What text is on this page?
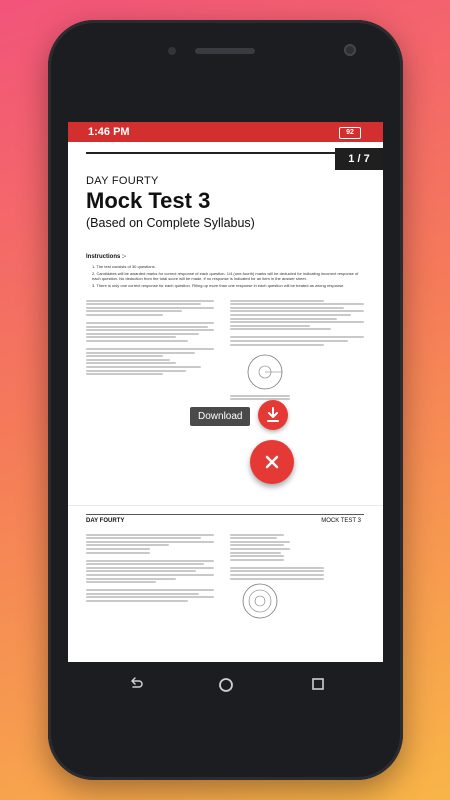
1:46 PM	92
DAY FOURTY
1 / 7
Mock Test 3
(Based on Complete Syllabus)
Instructions :-
1. The test consists of 30 questions.
2. Candidates will be awarded marks for correct response of each question. 1/4 (one-fourth) marks will be deducted for indicating incorrect response of each question. No deduction from the total score will be made, if no response is indicated for an item in the answer sheet.
3. There is only one correct response for each question. Filling up more than one response in each question will be treated as wrong response.
DAY FOURTY	MOCK TEST 3
Download
